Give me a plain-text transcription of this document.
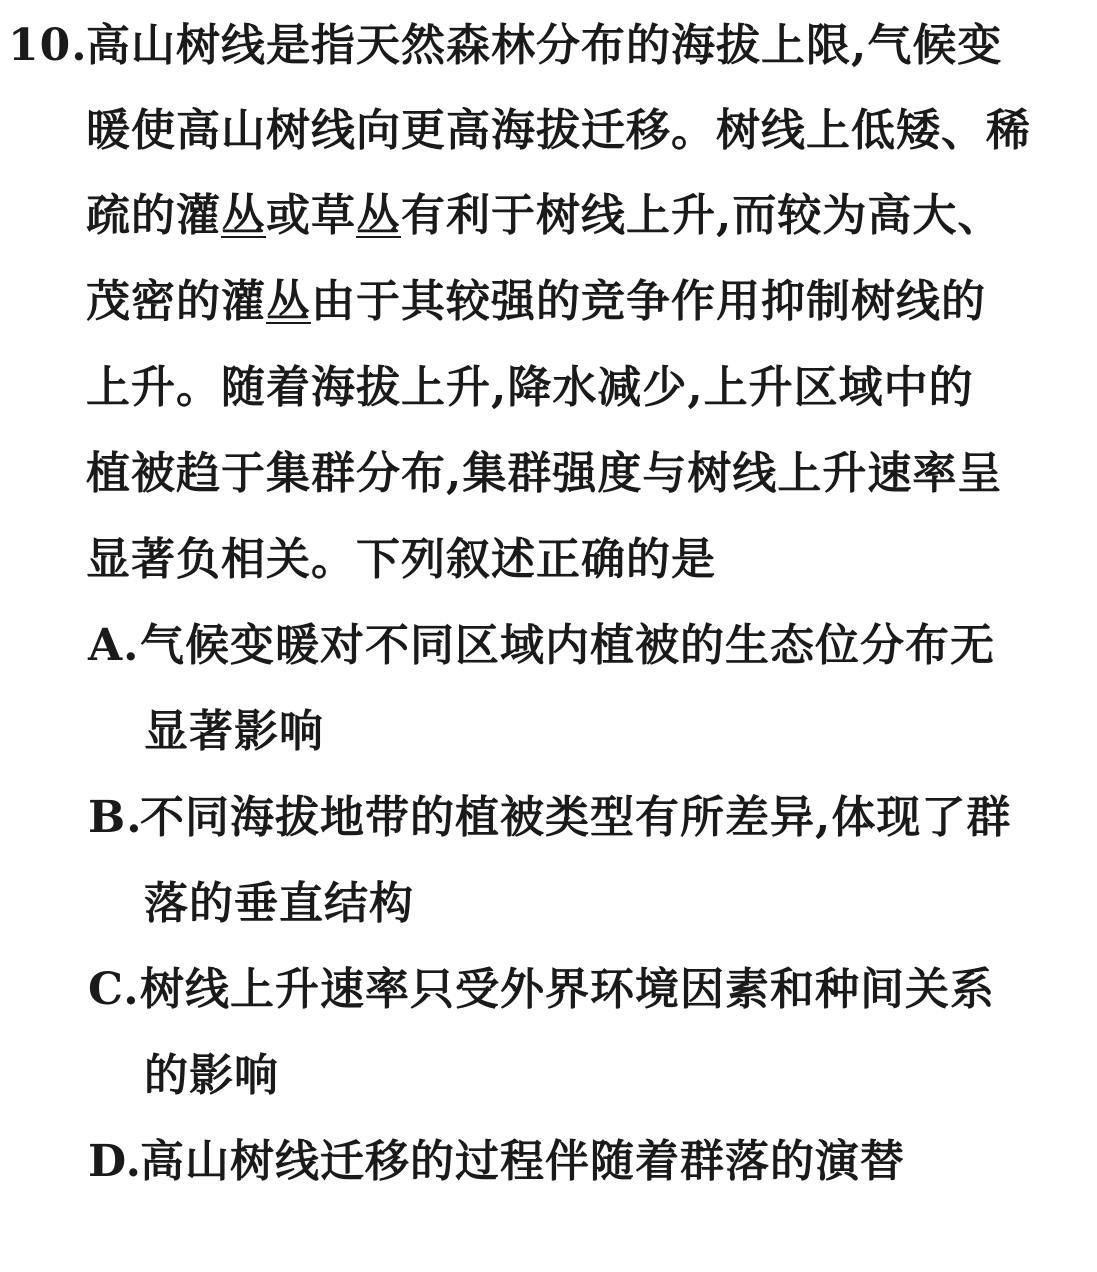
10.
高山树线是指天然森林分布的海拔上限,气候变
暖使高山树线向更高海拔迁移。树线上低矮、稀
疏的灌丛或草丛有利于树线上升,而较为高大、
茂密的灌丛由于其较强的竞争作用抑制树线的
上升。随着海拔上升,降水减少,上升区域中的
植被趋于集群分布,集群强度与树线上升速率呈
显著负相关。下列叙述正确的是
A. 气候变暖对不同区域内植被的生态位分布无
显著影响
B.
不同海拔地带的植被类型有所差异,体现了群
落的垂直结构
C. 树线上升速率只受外界环境因素和种间关系
的影响
D.
高山树线迁移的过程伴随着群落的演替
